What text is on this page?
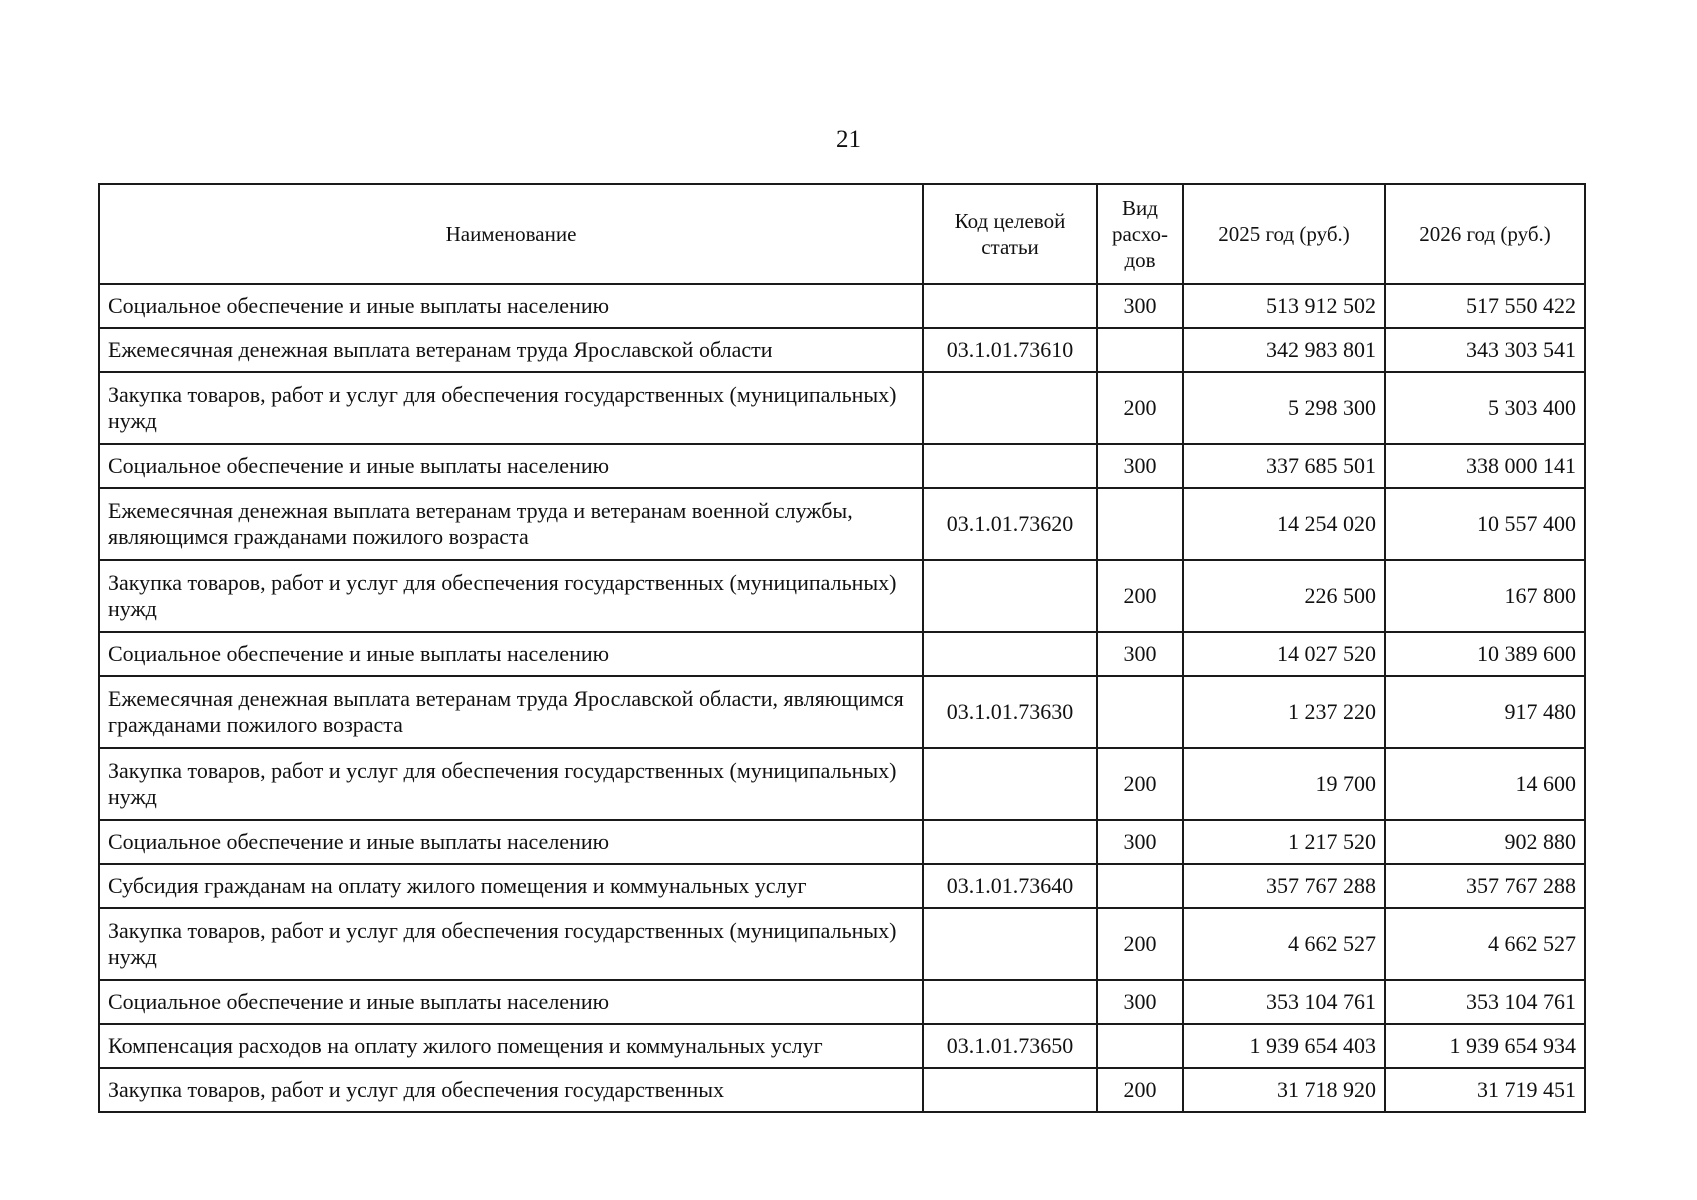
21
Наименование	Код целевой статьи	Вид расхо-дов	2025 год (руб.)	2026 год (руб.)
Социальное обеспечение и иные выплаты населению		300	513 912 502	517 550 422
Ежемесячная денежная выплата ветеранам труда Ярославской области	03.1.01.73610		342 983 801	343 303 541
Закупка товаров, работ и услуг для обеспечения государственных (муниципальных) нужд		200	5 298 300	5 303 400
Социальное обеспечение и иные выплаты населению		300	337 685 501	338 000 141
Ежемесячная денежная выплата ветеранам труда и ветеранам военной службы, являющимся гражданами пожилого возраста	03.1.01.73620		14 254 020	10 557 400
Закупка товаров, работ и услуг для обеспечения государственных (муниципальных) нужд		200	226 500	167 800
Социальное обеспечение и иные выплаты населению		300	14 027 520	10 389 600
Ежемесячная денежная выплата ветеранам труда Ярославской области, являющимся гражданами пожилого возраста	03.1.01.73630		1 237 220	917 480
Закупка товаров, работ и услуг для обеспечения государственных (муниципальных) нужд		200	19 700	14 600
Социальное обеспечение и иные выплаты населению		300	1 217 520	902 880
Субсидия гражданам на оплату жилого помещения и коммунальных услуг	03.1.01.73640		357 767 288	357 767 288
Закупка товаров, работ и услуг для обеспечения государственных (муниципальных) нужд		200	4 662 527	4 662 527
Социальное обеспечение и иные выплаты населению		300	353 104 761	353 104 761
Компенсация расходов на оплату жилого помещения и коммунальных услуг	03.1.01.73650		1 939 654 403	1 939 654 934
Закупка товаров, работ и услуг для обеспечения государственных		200	31 718 920	31 719 451
